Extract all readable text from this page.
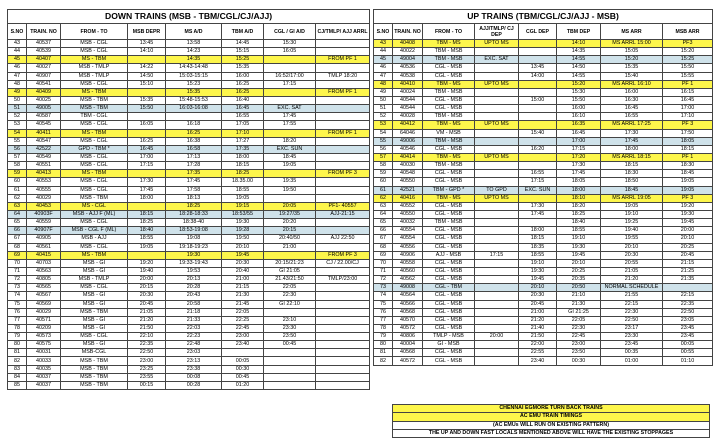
DOWN TRAINS (MSB - TBM/CGL/CJ/AJJ)							
S.NO	TRAIN. NO	FROM - TO	MSB DEPR	MS A/D	TBM A/D	CGL / GI A/D	CJ/TMLP/ AJJ ARRL
43	40537	MSB - CGL	13:45	13:58	14:45	15:30	
44	40539	MSB - CGL	14:10	14:23	15:15	16:05	
45	40407	MS - TBM		14:35	15:25		FROM PF 1
46	40027	MSB - TMLP	14:22	14:43-14:48	15:35		
47	40907	MSB - TMLP	14:50	15:03-15:15	16:00	16:52/17:00	TMLP 18:20
48	40541	MSB - CGL	15:10	15:23	16:25	17:15	
49	40409	MS - TBM		15:35	16:25		FROM PF 1
50	40025	MSB - TBM	15:35	15:48-15:53	16:40		
51	49005	MSB - TBM	15:50	16:03-16:08	16:45	EXC. SAT	
52	40587	TBM - CGL			16:55	17:45	
53	40545	MSB - CGL	16:05	16:18	17:05	17:55	
54	40411	MS - TBM		16:25	17:10		FROM PF 1
55	40547	MSB - CGL	16:25	16:38	17:27	18:20	
56	42522	GPD - TBM *	16:45	16:58	17:35	EXC. SUN	
57	40549	MSB - CGL	17:00	17:13	18:00	18:45	
58	40551	MSB - CGL	17:15	17:28	18:15	19:05	
59	40413	MS - TBM		17:35	18:25		FROM PF 3
60	40553	MSB - CGL	17:30	17:45	18.35.00	19:35	
61	40555	MSB - CGL	17:45	17:58	18:55	19:50	
62	40029	MSB - TBM	18:00	18:13	19:05		
63	40453	MS - CGL		18:25	19:15	20:05	PF1- 40557
64	40903F	MSB - AJJ F (ML)	18:15	18:28-18:33	18:53/55	19:27/35	AJJ-21:15
65	40559	MSB - CGL	18:25	18:38-40	19:30	20:20	
66	40907F	MSB - CGL F (ML)	18:40	18:53-19:08	19:28	20:15	
67	40905	MSB - AJJ	18:55	19:08	19:50	20:40/50	AJJ 22:50
68	40561	MSB - CGL	19:05	19:18-19:23	20:10	21:00	
69	40415	MS - TBM		19:30	19:45		FROM PF 3
70	40703	MSB - GI	19:20	19:33-19:43	20:30	20:15/21:23	CJ / 22.00/CJ
71	40563	MSB - GI	19:40	19:53	20:40	GI 21:05	
72	40805	MSB - TMLP	20:00	20:13	21:00	21.43/21:50	TMLP/23:00
73	40565	MSB - CGL	20:15	20:28	21:15	22:05	
74	40567	MSB - GI	20:30	20:43	21:30	22:30	
75	40569	MSB - GI	20:45	20:58	21:45	GI 22:10	
76	40029	MSB - TBM	21:05	21:18	22:05		
77	40571	MSB - GI	21:20	21:33	22:25	23:10	
78	40209	MSB - GI	21:50	22:03	22:45	23:30	
79	40573	MSB - CGL	22:10	22:23	23:00	23:50	
80	40575	MSB - GI	22:35	22:48	23:40	00:45	
81	40031	MSB-CGL	22:50	23:03			
82	40033	MSB - TBM	23:00	23:13	00:05		
83	40035	MSB - TBM	23:25	23:38	00:30		
84	40037	MSB - TBM	23:55	00:08	00:45		
85	40037	MSB - TBM	00:15	00:28	01:20		
UP TRAINS (TBM/CGL/CJ/AJJ - MSB)							
S.NO	TRAIN. NO	FROM - TO	AJJ/TMLP/ CJ DEP	CGL DEP	TBM DEP	MS ARR	MSB ARR
43	40408	TBM - MS	UPTO MS		14:10	MS ARRL 15:00	PF3
44	40022	TBM - MSB			14:35	15:05	15:20
45	49004	TBM - MSB	EXC. SAT		14:55	15:20	15:25
46	40536	CGL - MSB		13:45	14:50	15:35	15:50
47	40538	CGL - MSB		14:00	14:55	15:40	15:55
48	40410	TBM - MS	UPTO MS		15:20	MS ARRL 16:10	PF 1
49	40024	TBM - MSB			15:30	16:00	16:15
50	40544	CGL - MSB		15:00	15:50	16:30	16:45
51	40544	CGL - MSB			16:00	16:45	17:00
52	40028	TBM - MSB			16:10	16:55	17:10
53	40412	TBM - MS	UPTO MS		16:35	MS ARRL 17:25	PF 3
54	64046	VM - MSB		15:40	16:45	17:30	17:50
55	49006	TBM - MSB			17:00	17:45	18:05
56	40546	CGL - MSB		16:20	17:15	18:00	18:15
57	40414	TBM - MS	UPTO MS		17:20	MS ARRL 18:15	PF 1
58	40030	TBM - MSB			17:30	18:15	18:30
59	40548	CGL - MSB		16:55	17:45	18:30	18:45
60	40550	CGL - MSB		17:15	18:05	18:50	19:05
61	42521	TBM - GPD *	TO GPD	EXC. SUN	18:00	18:45	19:05
62	40416	TBM - MS	UPTO MS		18:10	MS ARRL 19:05	PF 3
63	40552	CGL - MSB		17:30	18:20	19:05	19:20
64	40550	CGL - MSB		17:45	18:25	19:10	19:30
65	40032	TBM - MSB			18:40	19:25	19:45
66	40554	CGL - MSB		18:00	18:55	19:40	20:00
67	40554	CGL - MSB		18:15	19:10	19:55	20:10
68	40556	CGL - MSB		18:35	19:30	20:10	20:25
69	40906	AJJ - MSB	17:15	18:55	19:45	20:30	20:45
70	40558	CGL - MSB		19:10	20:10	20:55	21:15
71	40560	CGL - MSB		19:30	20:25	21:05	21:25
72	40562	CGL - MSB		19:45	20:35	21:20	21:35
73	49008	CGL - TBM		20:10	20:50	NORMAL SCHEDULE	
74	40564	CGL - MSB		20:30	21:10	21:55	22:15
75	40566	CGL - MSB		20:45	21:30	22:15	22:35
76	40568	CGL - MSB		21:00	GI 21:25	22:30	22:50
77	40570	CGL - MSB		21:20	22:05	22:50	23:05
78	40572	CGL - MSB		21:40	22:30	23:17	23:45
79	40806	TMLP - MSB	20:00	21:50	22:45	23:30	23:45
80	40004	GI - MSB		22:00	23:00	23:45	00:05
81	40568	CGL - MSB		22:55	23:50	00:35	00:55
82	40572	CGL - MSB		23:40	00:30	01:00	01:10
CHENNAI EGMORE TURN BACK TRAINS
AC EMU TRAIN TIMINGS
(AC EMUs WILL RUN ON EXISTING PATTERN)
THE UP AND DOWN FAST LOCALS MENTIONED ABOVE WILL HAVE THE EXISTING STOPPAGES
